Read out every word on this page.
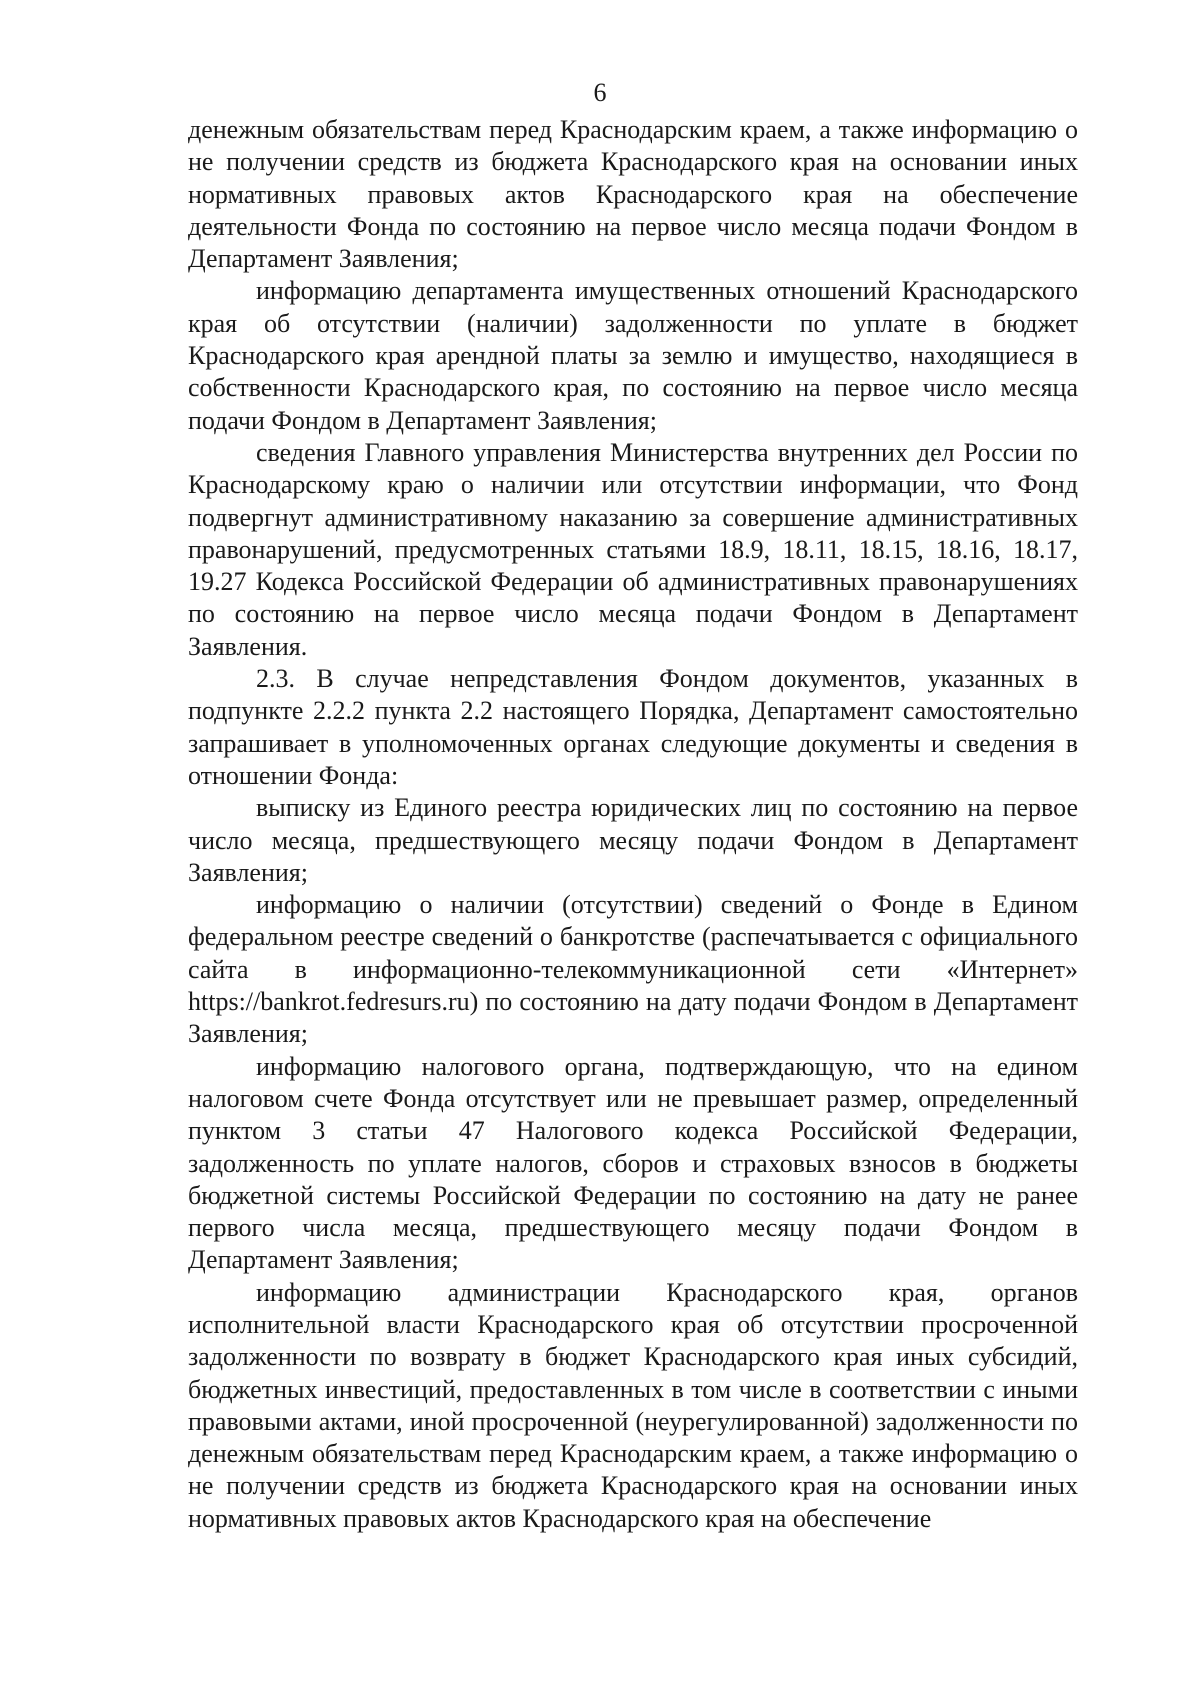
6

денежным обязательствам перед Краснодарским краем, а также информацию о не получении средств из бюджета Краснодарского края на основании иных нормативных правовых актов Краснодарского края на обеспечение деятельности Фонда по состоянию на первое число месяца подачи Фондом в Департамент Заявления;

информацию департамента имущественных отношений Краснодарского края об отсутствии (наличии) задолженности по уплате в бюджет Краснодарского края арендной платы за землю и имущество, находящиеся в собственности Краснодарского края, по состоянию на первое число месяца подачи Фондом в Департамент Заявления;

сведения Главного управления Министерства внутренних дел России по Краснодарскому краю о наличии или отсутствии информации, что Фонд подвергнут административному наказанию за совершение административных правонарушений, предусмотренных статьями 18.9, 18.11, 18.15, 18.16, 18.17, 19.27 Кодекса Российской Федерации об административных правонарушениях по состоянию на первое число месяца подачи Фондом в Департамент Заявления.

2.3. В случае непредставления Фондом документов, указанных в подпункте 2.2.2 пункта 2.2 настоящего Порядка, Департамент самостоятельно запрашивает в уполномоченных органах следующие документы и сведения в отношении Фонда:

выписку из Единого реестра юридических лиц по состоянию на первое число месяца, предшествующего месяцу подачи Фондом в Департамент Заявления;

информацию о наличии (отсутствии) сведений о Фонде в Едином федеральном реестре сведений о банкротстве (распечатывается с официального сайта в информационно-телекоммуникационной сети «Интернет» https://bankrot.fedresurs.ru) по состоянию на дату подачи Фондом в Департамент Заявления;

информацию налогового органа, подтверждающую, что на едином налоговом счете Фонда отсутствует или не превышает размер, определенный пунктом 3 статьи 47 Налогового кодекса Российской Федерации, задолженность по уплате налогов, сборов и страховых взносов в бюджеты бюджетной системы Российской Федерации по состоянию на дату не ранее первого числа месяца, предшествующего месяцу подачи Фондом в Департамент Заявления;

информацию администрации Краснодарского края, органов исполнительной власти Краснодарского края об отсутствии просроченной задолженности по возврату в бюджет Краснодарского края иных субсидий, бюджетных инвестиций, предоставленных в том числе в соответствии с иными правовыми актами, иной просроченной (неурегулированной) задолженности по денежным обязательствам перед Краснодарским краем, а также информацию о не получении средств из бюджета Краснодарского края на основании иных нормативных правовых актов Краснодарского края на обеспечение
